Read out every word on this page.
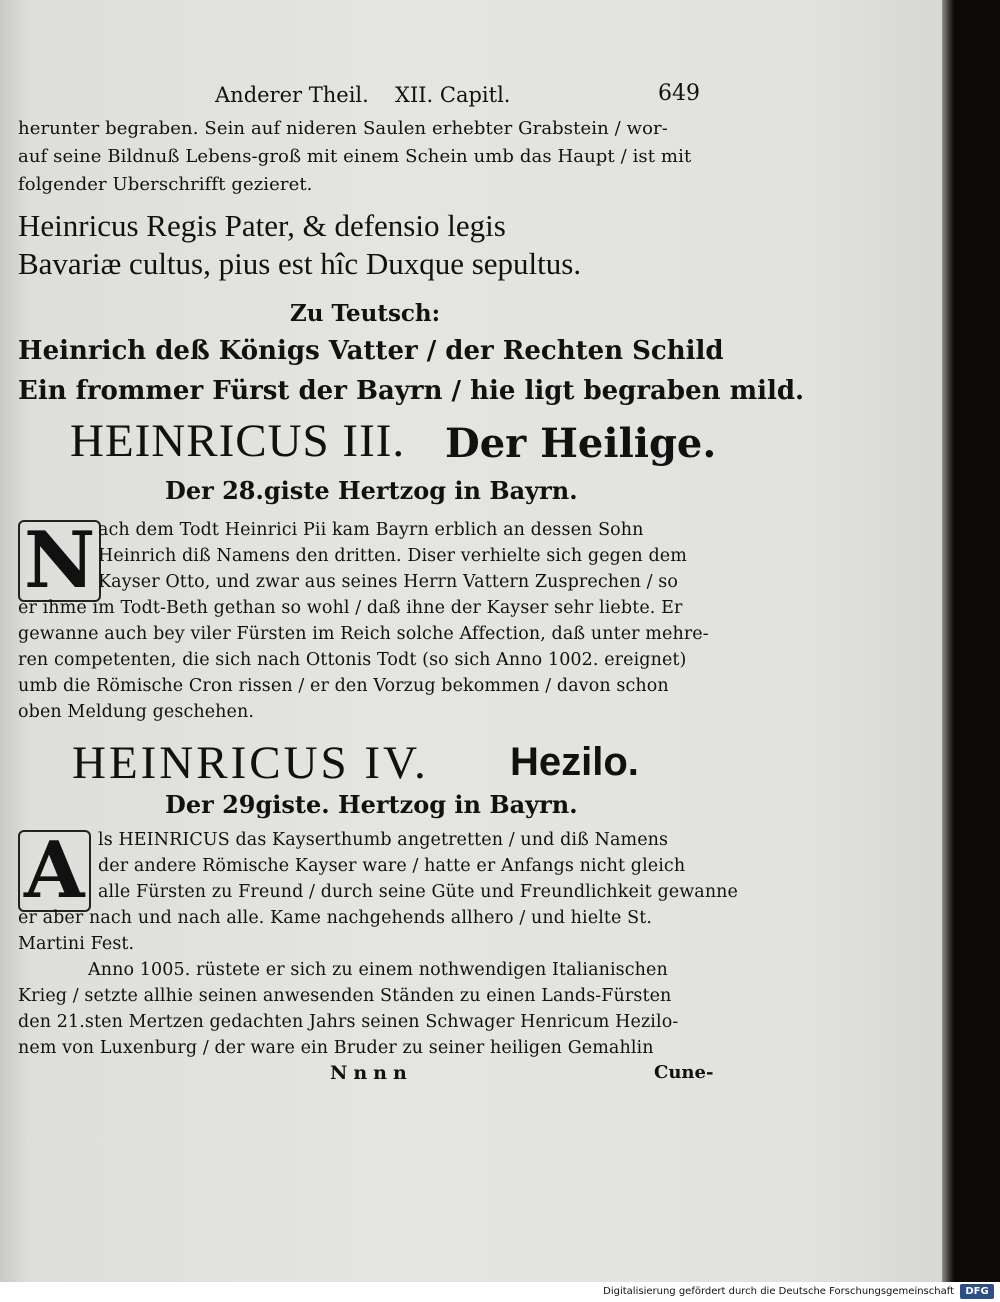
Anderer Theil. XII. Capitl.	649
herunter begraben. Sein auf nideren Saulen erhebter Grabstein / wor-
auf seine Bildnuß Lebens-groß mit einem Schein umb das Haupt / ist mit
folgender Uberschrifft gezieret.
Heinricus Regis Pater, & defensio legis
Bavariæ cultus, pius est hîc Duxque sepultus.
Zu Teutsch:
Heinrich deß Königs Vatter / der Rechten Schild
Ein frommer Fürst der Bayrn / hie ligt begraben mild.
HEINRICUS III. Der Heilige.
Der 28.giste Hertzog in Bayrn.
N ach dem Todt Heinrici Pii kam Bayrn erblich an dessen Sohn
Heinrich diß Namens den dritten. Diser verhielte sich gegen dem
Kayser Otto, und zwar aus seines Herrn Vattern Zusprechen / so
er ihme im Todt-Beth gethan so wohl / daß ihne der Kayser sehr liebte. Er
gewanne auch bey viler Fürsten im Reich solche Affection, daß unter mehre-
ren competenten, die sich nach Ottonis Todt (so sich Anno 1002. ereignet)
umb die Römische Cron rissen / er den Vorzug bekommen / davon schon
oben Meldung geschehen.
HEINRICUS IV. Hezilo.
Der 29giste. Hertzog in Bayrn.
A ls HEINRICUS das Kayserthumb angetretten / und diß Namens
der andere Römische Kayser ware / hatte er Anfangs nicht gleich
alle Fürsten zu Freund / durch seine Güte und Freundlichkeit gewanne
er aber nach und nach alle. Kame nachgehends allhero / und hielte St.
Martini Fest.
Anno 1005. rüstete er sich zu einem nothwendigen Italianischen
Krieg / setzte allhie seinen anwesenden Ständen zu einen Lands-Fürsten
den 21.sten Mertzen gedachten Jahrs seinen Schwager Henricum Hezilo-
nem von Luxenburg / der ware ein Bruder zu seiner heiligen Gemahlin
Nnnn	Cune-
Digitalisierung gefördert durch die Deutsche Forschungsgemeinschaft	DFG
